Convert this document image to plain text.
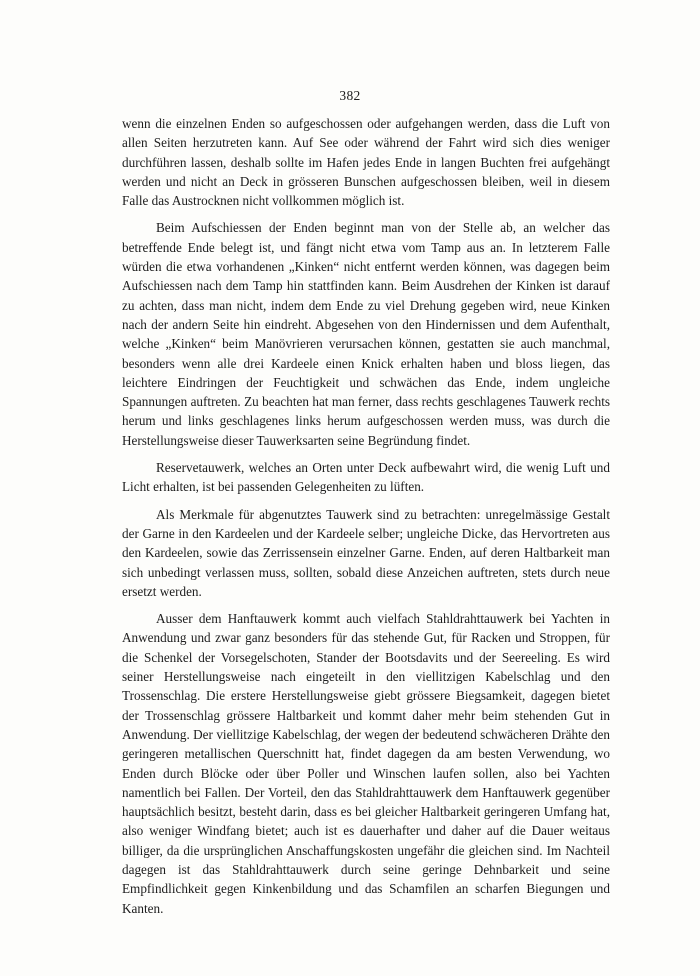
382

wenn die einzelnen Enden so aufgeschossen oder aufgehangen werden, dass die Luft von allen Seiten herzutreten kann. Auf See oder während der Fahrt wird sich dies weniger durchführen lassen, deshalb sollte im Hafen jedes Ende in langen Buchten frei aufgehängt werden und nicht an Deck in grösseren Bunschen aufgeschossen bleiben, weil in diesem Falle das Austrocknen nicht vollkommen möglich ist.

Beim Aufschiessen der Enden beginnt man von der Stelle ab, an welcher das betreffende Ende belegt ist, und fängt nicht etwa vom Tamp aus an. In letzterem Falle würden die etwa vorhandenen „Kinken“ nicht entfernt werden können, was dagegen beim Aufschiessen nach dem Tamp hin stattfinden kann. Beim Ausdrehen der Kinken ist darauf zu achten, dass man nicht, indem dem Ende zu viel Drehung gegeben wird, neue Kinken nach der andern Seite hin eindreht. Abgesehen von den Hindernissen und dem Aufenthalt, welche „Kinken“ beim Manövrieren verursachen können, gestatten sie auch manchmal, besonders wenn alle drei Kardeele einen Knick erhalten haben und bloss liegen, das leichtere Eindringen der Feuchtigkeit und schwächen das Ende, indem ungleiche Spannungen auftreten. Zu beachten hat man ferner, dass rechts geschlagenes Tauwerk rechts herum und links geschlagenes links herum aufgeschossen werden muss, was durch die Herstellungsweise dieser Tauwerksarten seine Begründung findet.

Reservetauwerk, welches an Orten unter Deck aufbewahrt wird, die wenig Luft und Licht erhalten, ist bei passenden Gelegenheiten zu lüften.

Als Merkmale für abgenutztes Tauwerk sind zu betrachten: unregelmässige Gestalt der Garne in den Kardeelen und der Kardeele selber; ungleiche Dicke, das Hervortreten aus den Kardeelen, sowie das Zerrissensein einzelner Garne. Enden, auf deren Haltbarkeit man sich unbedingt verlassen muss, sollten, sobald diese Anzeichen auftreten, stets durch neue ersetzt werden.

Ausser dem Hanftauwerk kommt auch vielfach Stahldrahttauwerk bei Yachten in Anwendung und zwar ganz besonders für das stehende Gut, für Racken und Stroppen, für die Schenkel der Vorsegelschoten, Stander der Bootsdavits und der Seereeling. Es wird seiner Herstellungsweise nach eingeteilt in den viellitzigen Kabelschlag und den Trossenschlag. Die erstere Herstellungsweise giebt grössere Biegsamkeit, dagegen bietet der Trossenschlag grössere Haltbarkeit und kommt daher mehr beim stehenden Gut in Anwendung. Der viellitzige Kabelschlag, der wegen der bedeutend schwächeren Drähte den geringeren metallischen Querschnitt hat, findet dagegen da am besten Verwendung, wo Enden durch Blöcke oder über Poller und Winschen laufen sollen, also bei Yachten namentlich bei Fallen. Der Vorteil, den das Stahldrahttauwerk dem Hanftauwerk gegenüber hauptsächlich besitzt, besteht darin, dass es bei gleicher Haltbarkeit geringeren Umfang hat, also weniger Windfang bietet; auch ist es dauerhafter und daher auf die Dauer weitaus billiger, da die ursprünglichen Anschaffungskosten ungefähr die gleichen sind. Im Nachteil dagegen ist das Stahldrahttauwerk durch seine geringe Dehnbarkeit und seine Empfindlichkeit gegen Kinkenbildung und das Schamfilen an scharfen Biegungen und Kanten.
